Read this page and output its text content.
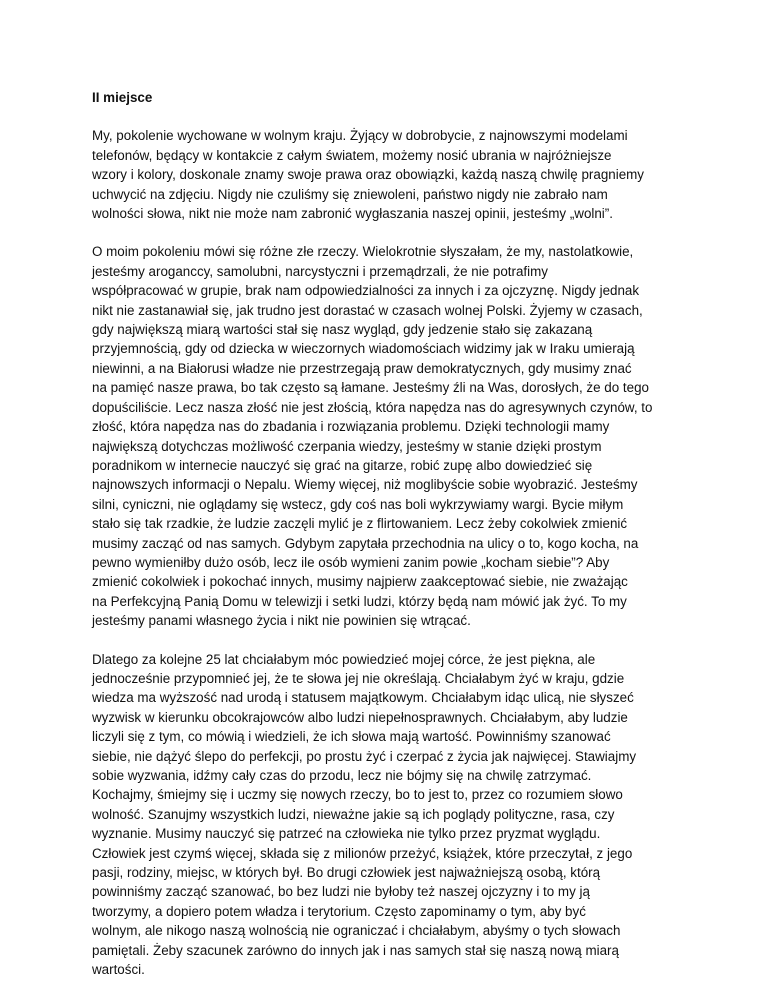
II miejsce
My, pokolenie wychowane w wolnym kraju. Żyjący w dobrobycie, z najnowszymi modelami
telefonów, będący w kontakcie z całym światem, możemy nosić ubrania w najróżniejsze
wzory i kolory, doskonale znamy swoje prawa oraz obowiązki, każdą naszą chwilę pragniemy
uchwycić na zdjęciu. Nigdy nie czuliśmy się zniewoleni, państwo nigdy nie zabrało nam
wolności słowa, nikt nie może nam zabronić wygłaszania naszej opinii, jesteśmy „wolni”.
O moim pokoleniu mówi się różne złe rzeczy. Wielokrotnie słyszałam, że my, nastolatkowie,
jesteśmy aroganccy, samolubni, narcystyczni i przemądrzali, że nie potrafimy
współpracować w grupie, brak nam odpowiedzialności za innych i za ojczyznę. Nigdy jednak
nikt nie zastanawiał się, jak trudno jest dorastać w czasach wolnej Polski. Żyjemy w czasach,
gdy największą miarą wartości stał się nasz wygląd, gdy jedzenie stało się zakazaną
przyjemnością, gdy od dziecka w wieczornych wiadomościach widzimy jak w Iraku umierają
niewinni, a na Białorusi władze nie przestrzegają praw demokratycznych, gdy musimy znać
na pamięć nasze prawa, bo tak często są łamane. Jesteśmy źli na Was, dorosłych, że do tego
dopuściliście. Lecz nasza złość nie jest złością, która napędza nas do agresywnych czynów, to
złość, która napędza nas do zbadania i rozwiązania problemu. Dzięki technologii mamy
największą dotychczas możliwość czerpania wiedzy, jesteśmy w stanie dzięki prostym
poradnikom w internecie nauczyć się grać na gitarze, robić zupę albo dowiedzieć się
najnowszych informacji o Nepalu. Wiemy więcej, niż moglibyście sobie wyobrazić. Jesteśmy
silni, cyniczni, nie oglądamy się wstecz, gdy coś nas boli wykrzywiamy wargi. Bycie miłym
stało się tak rzadkie, że ludzie zaczęli mylić je z flirtowaniem. Lecz żeby cokolwiek zmienić
musimy zacząć od nas samych. Gdybym zapytała przechodnia na ulicy o to, kogo kocha, na
pewno wymieniłby dużo osób, lecz ile osób wymieni zanim powie „kocham siebie”? Aby
zmienić cokolwiek i pokochać innych, musimy najpierw zaakceptować siebie, nie zważając
na Perfekcyjną Panią Domu w telewizji i setki ludzi, którzy będą nam mówić jak żyć. To my
jesteśmy panami własnego życia i nikt nie powinien się wtrącać.
Dlatego za kolejne 25 lat chciałabym móc powiedzieć mojej córce, że jest piękna, ale
jednocześnie przypomnieć jej, że te słowa jej nie określają. Chciałabym żyć w kraju, gdzie
wiedza ma wyższość nad urodą i statusem majątkowym. Chciałabym idąc ulicą, nie słyszeć
wyzwisk w kierunku obcokrajowców albo ludzi niepełnosprawnych. Chciałabym, aby ludzie
liczyli się z tym, co mówią i wiedzieli, że ich słowa mają wartość. Powinniśmy szanować
siebie, nie dążyć ślepo do perfekcji, po prostu żyć i czerpać z życia jak najwięcej. Stawiajmy
sobie wyzwania, idźmy cały czas do przodu, lecz nie bójmy się na chwilę zatrzymać.
Kochajmy, śmiejmy się i uczmy się nowych rzeczy, bo to jest to, przez co rozumiem słowo
wolność. Szanujmy wszystkich ludzi, nieważne jakie są ich poglądy polityczne, rasa, czy
wyznanie. Musimy nauczyć się patrzeć na człowieka nie tylko przez pryzmat wyglądu.
Człowiek jest czymś więcej, składa się z milionów przeżyć, książek, które przeczytał, z jego
pasji, rodziny, miejsc, w których był. Bo drugi człowiek jest najważniejszą osobą, którą
powinniśmy zacząć szanować, bo bez ludzi nie byłoby też naszej ojczyzny i to my ją
tworzymy, a dopiero potem władza i terytorium. Często zapominamy o tym, aby być
wolnym, ale nikogo naszą wolnością nie ograniczać i chciałabym, abyśmy o tych słowach
pamiętali. Żeby szacunek zarówno do innych jak i nas samych stał się naszą nową miarą
wartości.
